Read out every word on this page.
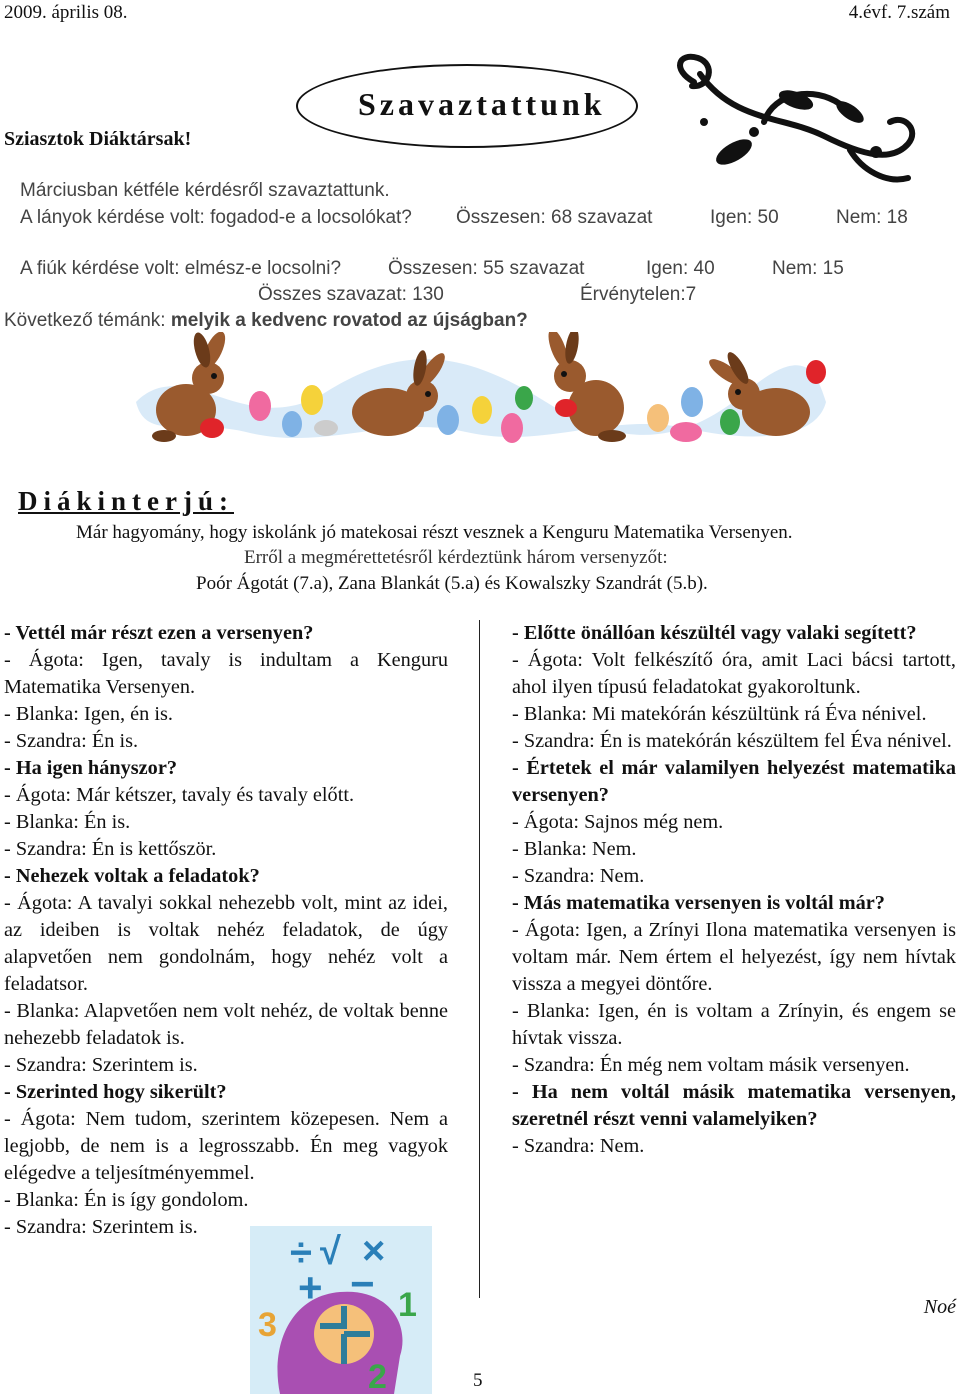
2009. április 08.	4.évf. 7.szám
Szavaztattunk
Sziasztok Diáktársak!
Márciusban kétféle kérdésről szavaztattunk.
A lányok kérdése volt: fogadod-e a locsolókat? Összesen: 68 szavazat	Igen: 50	Nem: 18
A fiúk kérdése volt: elmész-e locsolni? Összesen: 55 szavazat	Igen: 40	Nem: 15
Összes szavazat: 130	Érvénytelen:7
Következő témánk: melyik a kedvenc rovatod az újságban?
Diákinterjú:
Már hagyomány, hogy iskolánk jó matekosai részt vesznek a Kenguru Matematika Versenyen.
Erről a megmérettetésről kérdeztünk három versenyzőt:
Poór Ágotát (7.a), Zana Blankát (5.a) és Kowalszky Szandrát (5.b).

- Vettél már részt ezen a versenyen?

- Ágota: Igen, tavaly is indultam a Kenguru Matematika Versenyen.

- Blanka: Igen, én is.

- Szandra: Én is.

- Ha igen hányszor?

- Ágota: Már kétszer, tavaly és tavaly előtt.

- Blanka: Én is.

- Szandra: Én is kettőször.

- Nehezek voltak a feladatok?

- Ágota: A tavalyi sokkal nehezebb volt, mint az idei, az ideiben is voltak nehéz feladatok, de úgy alapvetően nem gondolnám, hogy nehéz volt a feladatsor.

- Blanka: Alapvetően nem volt nehéz, de voltak benne nehezebb feladatok is.

- Szandra: Szerintem is.

- Szerinted hogy sikerült?

- Ágota: Nem tudom, szerintem közepesen. Nem a legjobb, de nem is a legrosszabb. Én meg vagyok elégedve a teljesítményemmel.

- Blanka: Én is így gondolom.

- Szandra: Szerintem is.

- Előtte önállóan készültél vagy valaki segített?

- Ágota: Volt felkészítő óra, amit Laci bácsi tartott, ahol ilyen típusú feladatokat gyakoroltunk.

- Blanka: Mi matekórán készültünk rá Éva nénivel.

- Szandra: Én is matekórán készültem fel Éva nénivel.

- Értetek el már valamilyen helyezést matematika versenyen?

- Ágota: Sajnos még nem.

- Blanka: Nem.

- Szandra: Nem.

- Más matematika versenyen is voltál már?

- Ágota: Igen, a Zrínyi Ilona matematika versenyen is voltam már. Nem értem el helyezést, így nem hívtak vissza a megyei döntőre.

- Blanka: Igen, én is voltam a Zrínyin, és engem se hívtak vissza.

- Szandra: Én még nem voltam másik versenyen.

- Ha nem voltál másik matematika versenyen, szeretnél részt venni valamelyiken?

- Szandra: Nem.

Noé
÷ √ ×
+ −
3
1
2	5
